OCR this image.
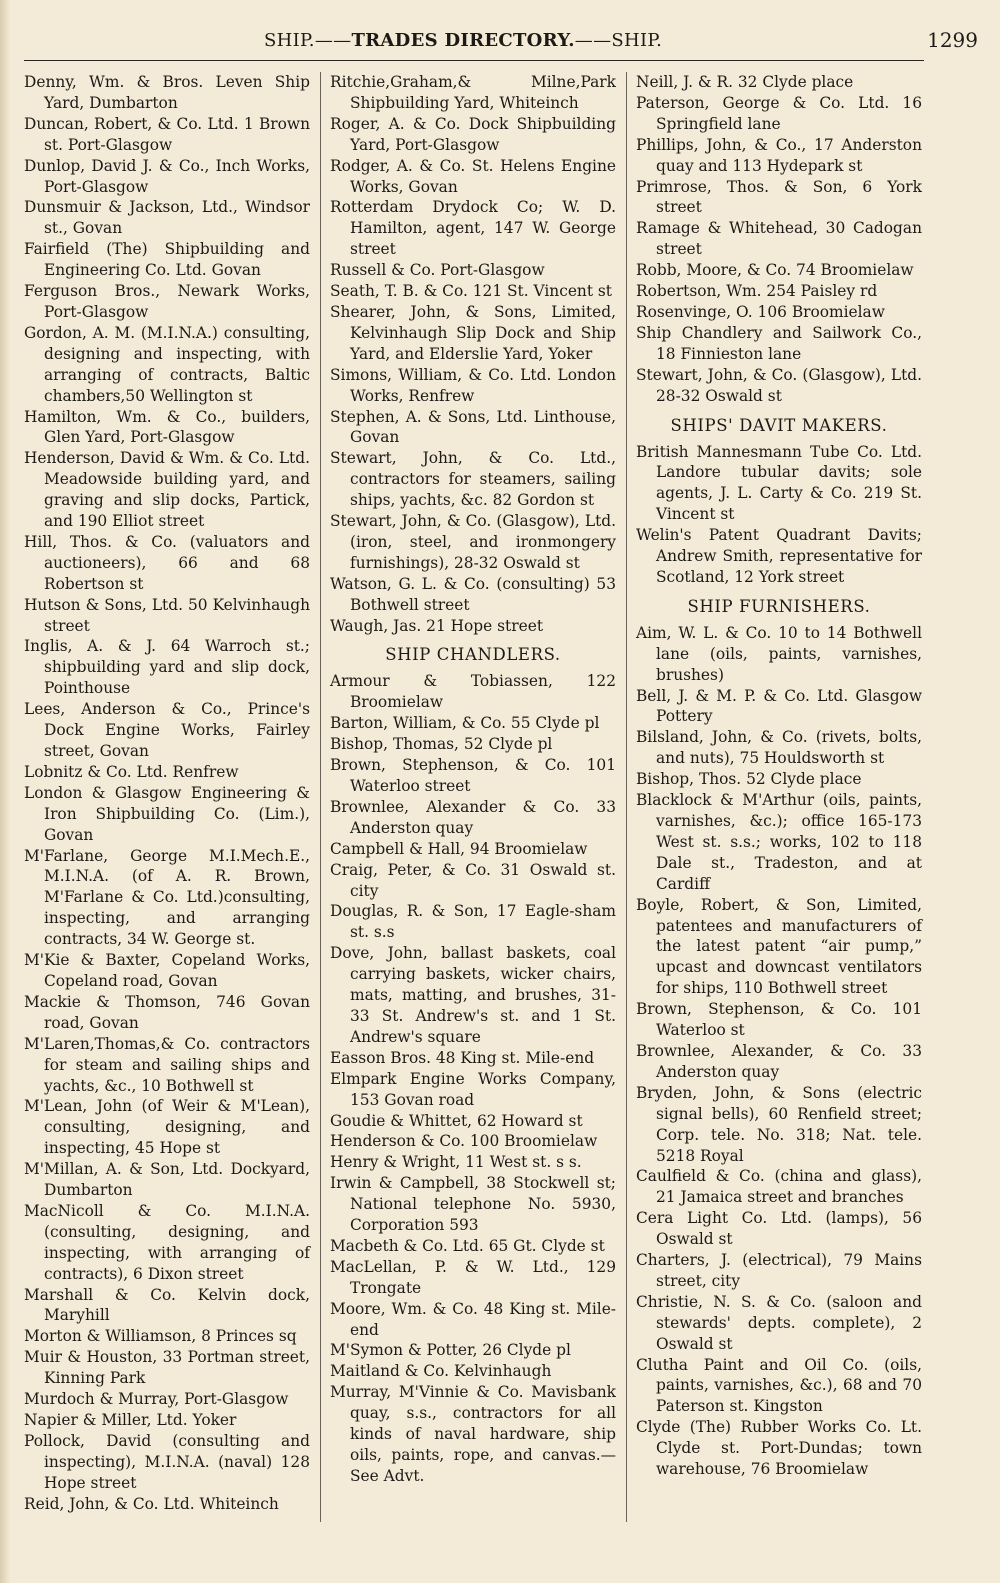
SHIP.——TRADES DIRECTORY.——SHIP.	1299
Denny, Wm. & Bros. Leven Ship Yard, Dumbarton
Duncan, Robert, & Co. Ltd. 1 Brown st. Port-Glasgow
Dunlop, David J. & Co., Inch Works, Port-Glasgow
Dunsmuir & Jackson, Ltd., Windsor st., Govan
Fairfield (The) Shipbuilding and Engineering Co. Ltd. Govan
Ferguson Bros., Newark Works, Port-Glasgow
Gordon, A. M. (M.I.N.A.) consulting, designing and inspecting, with arranging of contracts, Baltic chambers,50 Wellington st
Hamilton, Wm. & Co., builders, Glen Yard, Port-Glasgow
Henderson, David & Wm. & Co. Ltd. Meadowside building yard, and graving and slip docks, Partick, and 190 Elliot street
Hill, Thos. & Co. (valuators and auctioneers), 66 and 68 Robertson st
Hutson & Sons, Ltd. 50 Kelvinhaugh street
Inglis, A. & J. 64 Warroch st.; shipbuilding yard and slip dock, Pointhouse
Lees, Anderson & Co., Prince's Dock Engine Works, Fairley street, Govan
Lobnitz & Co. Ltd. Renfrew
London & Glasgow Engineering & Iron Shipbuilding Co. (Lim.), Govan
M'Farlane, George M.I.Mech.E., M.I.N.A. (of A. R. Brown, M'Farlane & Co. Ltd.)consulting, inspecting, and arranging contracts, 34 W. George st.
M'Kie & Baxter, Copeland Works, Copeland road, Govan
Mackie & Thomson, 746 Govan road, Govan
M'Laren,Thomas,& Co. contractors for steam and sailing ships and yachts, &c., 10 Bothwell st
M'Lean, John (of Weir & M'Lean), consulting, designing, and inspecting, 45 Hope st
M'Millan, A. & Son, Ltd. Dockyard, Dumbarton
MacNicoll & Co. M.I.N.A. (consulting, designing, and inspecting, with arranging of contracts), 6 Dixon street
Marshall & Co. Kelvin dock, Maryhill
Morton & Williamson, 8 Princes sq
Muir & Houston, 33 Portman street, Kinning Park
Murdoch & Murray, Port-Glasgow
Napier & Miller, Ltd. Yoker
Pollock, David (consulting and inspecting), M.I.N.A. (naval) 128 Hope street
Reid, John, & Co. Ltd. Whiteinch
Ritchie,Graham,& Milne,Park Shipbuilding Yard, Whiteinch
Roger, A. & Co. Dock Shipbuilding Yard, Port-Glasgow
Rodger, A. & Co. St. Helens Engine Works, Govan
Rotterdam Drydock Co; W. D. Hamilton, agent, 147 W. George street
Russell & Co. Port-Glasgow
Seath, T. B. & Co. 121 St. Vincent st
Shearer, John, & Sons, Limited, Kelvinhaugh Slip Dock and Ship Yard, and Elderslie Yard, Yoker
Simons, William, & Co. Ltd. London Works, Renfrew
Stephen, A. & Sons, Ltd. Linthouse, Govan
Stewart, John, & Co. Ltd., contractors for steamers, sailing ships, yachts, &c. 82 Gordon st
Stewart, John, & Co. (Glasgow), Ltd. (iron, steel, and ironmongery furnishings), 28-32 Oswald st
Watson, G. L. & Co. (consulting) 53 Bothwell street
Waugh, Jas. 21 Hope street
SHIP CHANDLERS.
Armour & Tobiassen, 122 Broomielaw
Barton, William, & Co. 55 Clyde pl
Bishop, Thomas, 52 Clyde pl
Brown, Stephenson, & Co. 101 Waterloo street
Brownlee, Alexander & Co. 33 Anderston quay
Campbell & Hall, 94 Broomielaw
Craig, Peter, & Co. 31 Oswald st. city
Douglas, R. & Son, 17 Eagle-sham st. s.s
Dove, John, ballast baskets, coal carrying baskets, wicker chairs, mats, matting, and brushes, 31-33 St. Andrew's st. and 1 St. Andrew's square
Easson Bros. 48 King st. Mile-end
Elmpark Engine Works Company, 153 Govan road
Goudie & Whittet, 62 Howard st
Henderson & Co. 100 Broomielaw
Henry & Wright, 11 West st. s s.
Irwin & Campbell, 38 Stockwell st; National telephone No. 5930, Corporation 593
Macbeth & Co. Ltd. 65 Gt. Clyde st
MacLellan, P. & W. Ltd., 129 Trongate
Moore, Wm. & Co. 48 King st. Mile-end
M'Symon & Potter, 26 Clyde pl
Maitland & Co. Kelvinhaugh
Murray, M'Vinnie & Co. Mavisbank quay, s.s., contractors for all kinds of naval hardware, ship oils, paints, rope, and canvas.—See Advt.
Neill, J. & R. 32 Clyde place
Paterson, George & Co. Ltd. 16 Springfield lane
Phillips, John, & Co., 17 Anderston quay and 113 Hydepark st
Primrose, Thos. & Son, 6 York street
Ramage & Whitehead, 30 Cadogan street
Robb, Moore, & Co. 74 Broomielaw
Robertson, Wm. 254 Paisley rd
Rosenvinge, O. 106 Broomielaw
Ship Chandlery and Sailwork Co., 18 Finnieston lane
Stewart, John, & Co. (Glasgow), Ltd. 28-32 Oswald st
SHIPS' DAVIT MAKERS.
British Mannesmann Tube Co. Ltd. Landore tubular davits; sole agents, J. L. Carty & Co. 219 St. Vincent st
Welin's Patent Quadrant Davits; Andrew Smith, representative for Scotland, 12 York street
SHIP FURNISHERS.
Aim, W. L. & Co. 10 to 14 Bothwell lane (oils, paints, varnishes, brushes)
Bell, J. & M. P. & Co. Ltd. Glasgow Pottery
Bilsland, John, & Co. (rivets, bolts, and nuts), 75 Houldsworth st
Bishop, Thos. 52 Clyde place
Blacklock & M'Arthur (oils, paints, varnishes, &c.); office 165-173 West st. s.s.; works, 102 to 118 Dale st., Tradeston, and at Cardiff
Boyle, Robert, & Son, Limited, patentees and manufacturers of the latest patent “air pump,” upcast and downcast ventilators for ships, 110 Bothwell street
Brown, Stephenson, & Co. 101 Waterloo st
Brownlee, Alexander, & Co. 33 Anderston quay
Bryden, John, & Sons (electric signal bells), 60 Renfield street; Corp. tele. No. 318; Nat. tele. 5218 Royal
Caulfield & Co. (china and glass), 21 Jamaica street and branches
Cera Light Co. Ltd. (lamps), 56 Oswald st
Charters, J. (electrical), 79 Mains street, city
Christie, N. S. & Co. (saloon and stewards' depts. complete), 2 Oswald st
Clutha Paint and Oil Co. (oils, paints, varnishes, &c.), 68 and 70 Paterson st. Kingston
Clyde (The) Rubber Works Co. Lt. Clyde st. Port-Dundas; town warehouse, 76 Broomielaw
